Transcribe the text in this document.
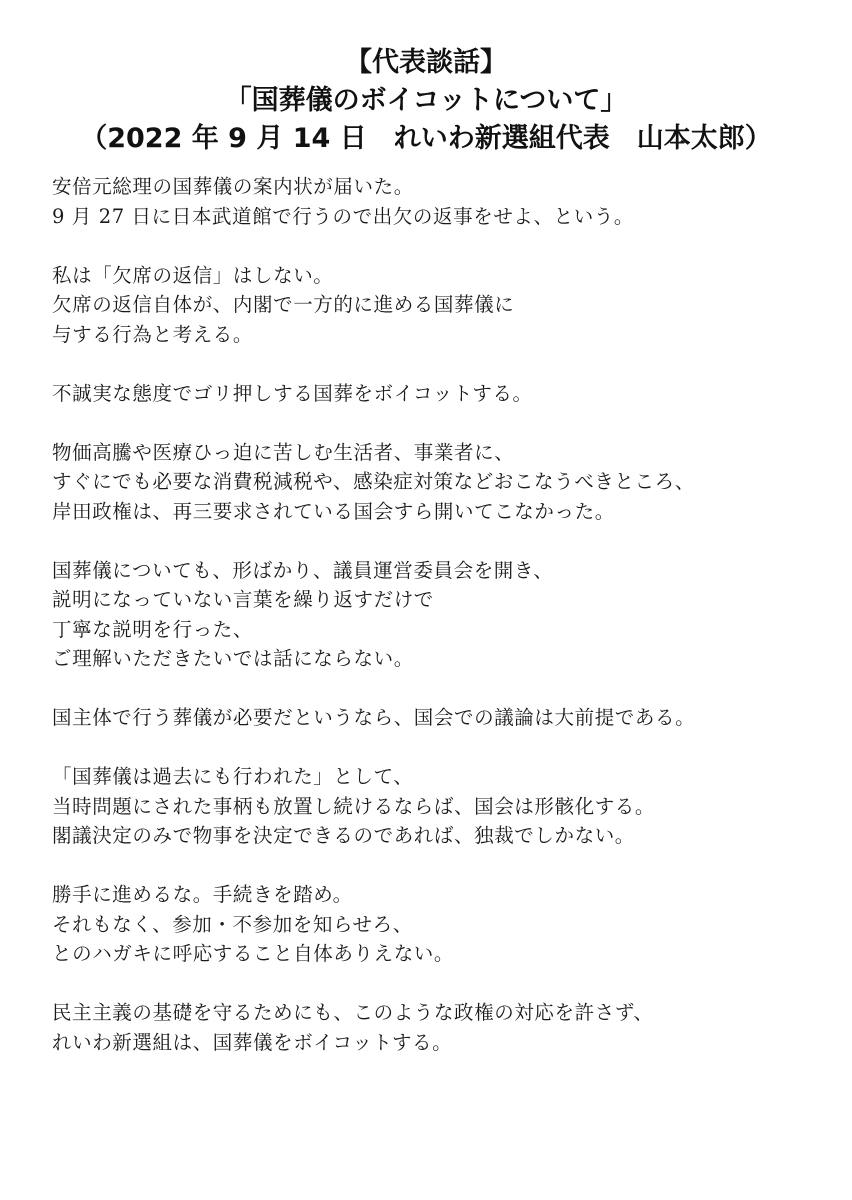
【代表談話】
「国葬儀のボイコットについて」
（2022 年 9 月 14 日　れいわ新選組代表　山本太郎）
安倍元総理の国葬儀の案内状が届いた。
9 月 27 日に日本武道館で行うので出欠の返事をせよ、という。
私は「欠席の返信」はしない。
欠席の返信自体が、内閣で一方的に進める国葬儀に
与する行為と考える。
不誠実な態度でゴリ押しする国葬をボイコットする。
物価高騰や医療ひっ迫に苦しむ生活者、事業者に、
すぐにでも必要な消費税減税や、感染症対策などおこなうべきところ、
岸田政権は、再三要求されている国会すら開いてこなかった。
国葬儀についても、形ばかり、議員運営委員会を開き、
説明になっていない言葉を繰り返すだけで
丁寧な説明を行った、
ご理解いただきたいでは話にならない。
国主体で行う葬儀が必要だというなら、国会での議論は大前提である。
「国葬儀は過去にも行われた」として、
当時問題にされた事柄も放置し続けるならば、国会は形骸化する。
閣議決定のみで物事を決定できるのであれば、独裁でしかない。
勝手に進めるな。手続きを踏め。
それもなく、参加・不参加を知らせろ、
とのハガキに呼応すること自体ありえない。
民主主義の基礎を守るためにも、このような政権の対応を許さず、
れいわ新選組は、国葬儀をボイコットする。
